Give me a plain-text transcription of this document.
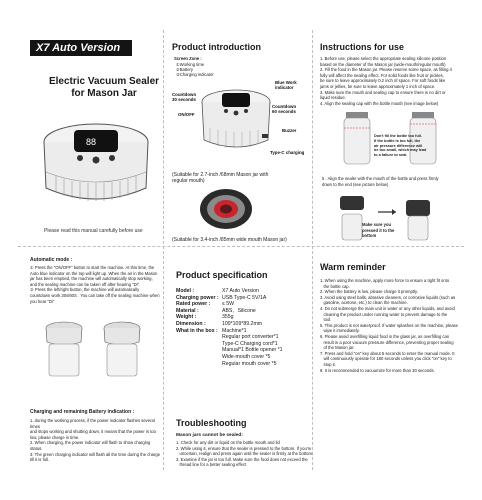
X7 Auto Version
Electric Vacuum Sealer
for Mason Jar
88
Please read this manual carefully before use
Product introduction
Screen Zone :
①Working time
②Battery
③Charging indicator
Countdown
30 seconds
ON/OFF
Blue Work
indicator
Countdown
60 seconds
Buzzer
Type-C charging
(Suitable for 2.7-inch /68mm Mason jar with
regular mouth)
(Suitable for 3.4-inch /85mm wide mouth Mason jar)
Instructions for use
1. Before use, please select the appropriate sealing silicone position
based on the diameter of the Mason jar (wide-mouth/regular mouth)
2. Fill the food in the Mason jar. Please reserve some space, as filling it
fully will affect the sealing effect. For solid foods like fruit or pickles,
be sure to leave approximately 0.2 inch of space. For soft foods like
jams or jellies, be sure to leave approximately 1 inch of space.
3. Make sure the mouth and sealing cap to ensure there is no dirt or
liquid residue.
4. Align the sealing cap with the bottle mouth (see image below)
Don't fill the bottle too full.
If the bottle is too full, the
air pressure difference will
be too small, which may lead
to a failure to seal.
5 . Align the sealer with the mouth of the bottle and press firmly
down to the end (see picture below)
Make sure you
pressed it to the
bottom
Automatic mode :
① Press the "ON/OFF" button to start the machine. At this time, the
Auto blue indicator on the top will light up. When the air in the Mason
jar has been emptied, the machine will automatically stop working,
and the sealing machine can be taken off after hearing "Di".
② Press the left/right button, the machine will automatically
countdown work 30s/60S . You can take off the sealing machine when
you hear "Di"
Charging and remaining Battery indication :
1. during the working process, if the power indicator flashes several times
and stops working and shutting down, it means that the power is too
low, please charge in time.
2. When charging, the power indicator will flash to show charging status.
3. The green charging indicator will flash all the time during the charge
till it is full.
Product specification
Model :	X7 Auto Version
Charging power : USB Type-C 5V/1A
Rated power :	≤ 5W
Material :	ABS、Silicone
Weight :	355g
Dimension :	109*109*89.2mm
What in the box : Machine*1
Regular port converter*1
Type-C Charging cord*1
Manual*1 Bottle opener *1
Wide-mouth cover *5
Regular mouth cover *5
Troubleshooting
Mason jars cannot be sealed:
1. Check for any dirt or liquid on the bottle mouth and lid
2. While using it, ensure that the sealer is pressed to the bottom. If you're
uncertain, realign and press again until the sealer is firmly at the bottom.
3. Examine if the jar is too full. Make sure the food does not exceed the
thread line for a better sealing effect
Warm reminder
1. When using the machine, apply more force to ensure a tight fit onto
the bottle cap.
2. When the battery is low, please charge it promptly.
3. Avoid using steel balls, abrasive cleaners, or corrosive liquids (such as
gasoline, acetone, etc.) to clean the machine.
4. Do not submerge the main unit in water or any other liquids, and avoid
cleaning the product under running water to prevent damage to the
tool.
5. This product is not waterproof. If water splashes on the machine, please
wipe it immediately.
6. Please avoid overfilling liquid food in the glass jar, as overfilling can
result in a poor vacuum pressure difference, preventing proper sealing
of the Mason jar.
7. Press and hold "on" key about 5 seconds to enter the manual mode. It
will continuously operate for 180 seconds unless you click "on" key to
stop it.
8. It is recommended to vacuumize for more than 30 seconds.
